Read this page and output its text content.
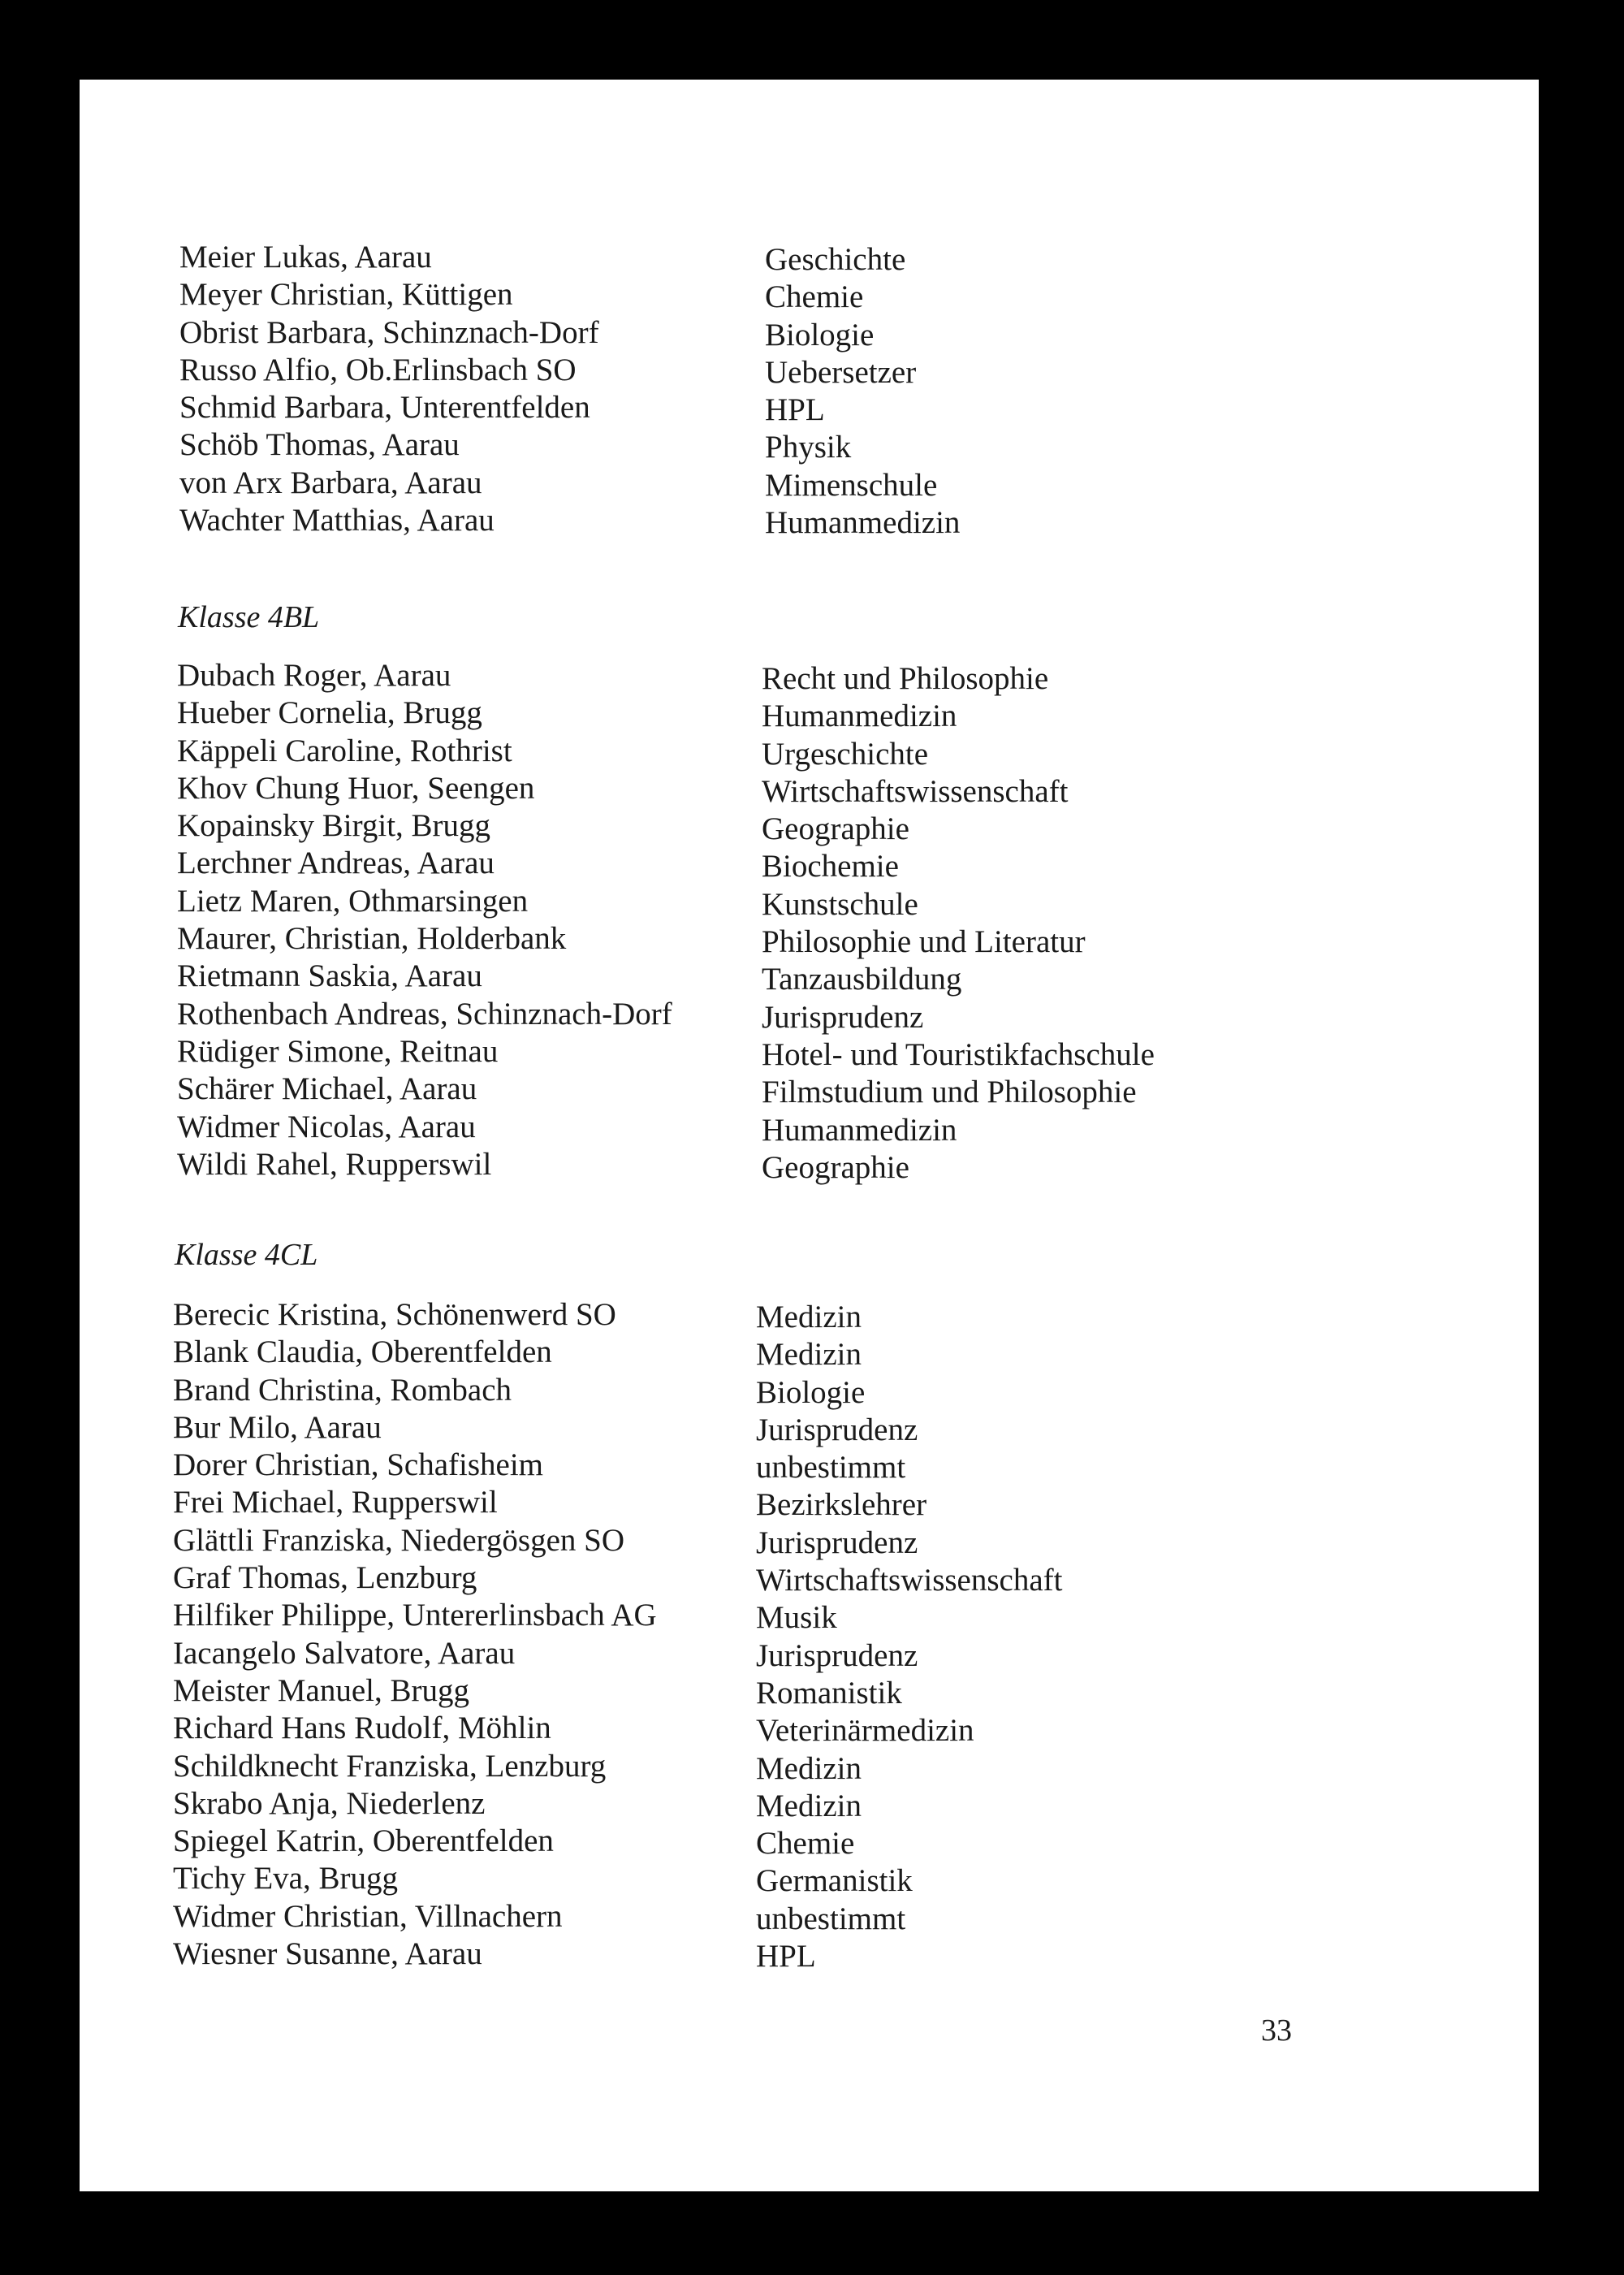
Meier Lukas, Aarau
Meyer Christian, Küttigen
Obrist Barbara, Schinznach-Dorf
Russo Alfio, Ob.Erlinsbach SO
Schmid Barbara, Unterentfelden
Schöb Thomas, Aarau
von Arx Barbara, Aarau
Wachter Matthias, Aarau
Geschichte
Chemie
Biologie
Uebersetzer
HPL
Physik
Mimenschule
Humanmedizin
Klasse 4BL
Dubach Roger, Aarau
Hueber Cornelia, Brugg
Käppeli Caroline, Rothrist
Khov Chung Huor, Seengen
Kopainsky Birgit, Brugg
Lerchner Andreas, Aarau
Lietz Maren, Othmarsingen
Maurer, Christian, Holderbank
Rietmann Saskia, Aarau
Rothenbach Andreas, Schinznach-Dorf
Rüdiger Simone, Reitnau
Schärer Michael, Aarau
Widmer Nicolas, Aarau
Wildi Rahel, Rupperswil
Recht und Philosophie
Humanmedizin
Urgeschichte
Wirtschaftswissenschaft
Geographie
Biochemie
Kunstschule
Philosophie und Literatur
Tanzausbildung
Jurisprudenz
Hotel- und Touristikfachschule
Filmstudium und Philosophie
Humanmedizin
Geographie
Klasse 4CL
Berecic Kristina, Schönenwerd SO
Blank Claudia, Oberentfelden
Brand Christina, Rombach
Bur Milo, Aarau
Dorer Christian, Schafisheim
Frei Michael, Rupperswil
Glättli Franziska, Niedergösgen SO
Graf Thomas, Lenzburg
Hilfiker Philippe, Untererlinsbach AG
Iacangelo Salvatore, Aarau
Meister Manuel, Brugg
Richard Hans Rudolf, Möhlin
Schildknecht Franziska, Lenzburg
Skrabo Anja, Niederlenz
Spiegel Katrin, Oberentfelden
Tichy Eva, Brugg
Widmer Christian, Villnachern
Wiesner Susanne, Aarau
Medizin
Medizin
Biologie
Jurisprudenz
unbestimmt
Bezirkslehrer
Jurisprudenz
Wirtschaftswissenschaft
Musik
Jurisprudenz
Romanistik
Veterinärmedizin
Medizin
Medizin
Chemie
Germanistik
unbestimmt
HPL
33
